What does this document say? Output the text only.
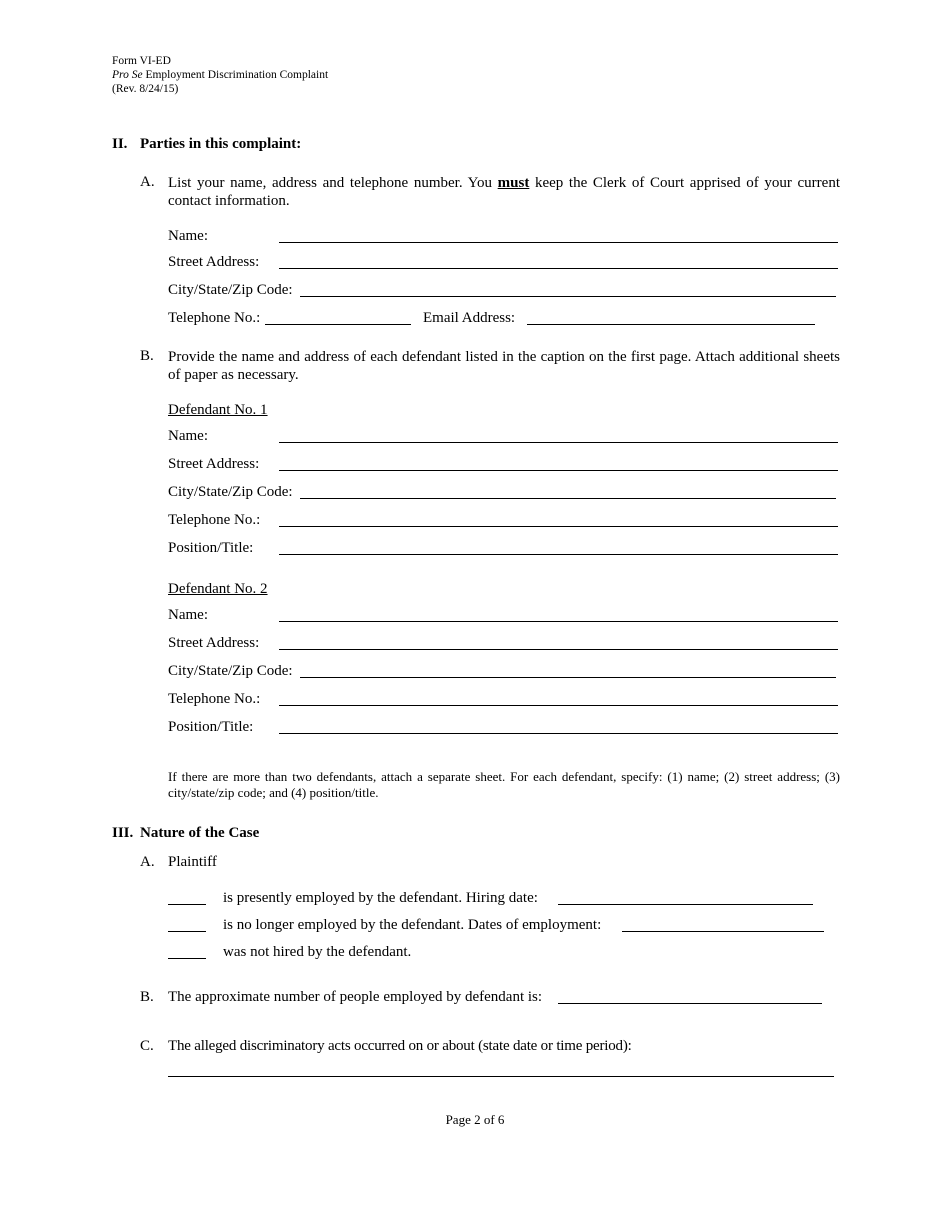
Form VI-ED
Pro Se Employment Discrimination Complaint
(Rev. 8/24/15)
II. Parties in this complaint:
A. List your name, address and telephone number. You must keep the Clerk of Court apprised of your current contact information.
Name:
Street Address:
City/State/Zip Code:
Telephone No.:	Email Address:
B. Provide the name and address of each defendant listed in the caption on the first page. Attach additional sheets of paper as necessary.
Defendant No. 1
Name:
Street Address:
City/State/Zip Code:
Telephone No.:
Position/Title:
Defendant No. 2
Name:
Street Address:
City/State/Zip Code:
Telephone No.:
Position/Title:
If there are more than two defendants, attach a separate sheet. For each defendant, specify: (1) name; (2) street address; (3) city/state/zip code; and (4) position/title.
III. Nature of the Case
A. Plaintiff
is presently employed by the defendant. Hiring date:
is no longer employed by the defendant. Dates of employment:
was not hired by the defendant.
B. The approximate number of people employed by defendant is:
C. The alleged discriminatory acts occurred on or about (state date or time period):
Page 2 of 6
